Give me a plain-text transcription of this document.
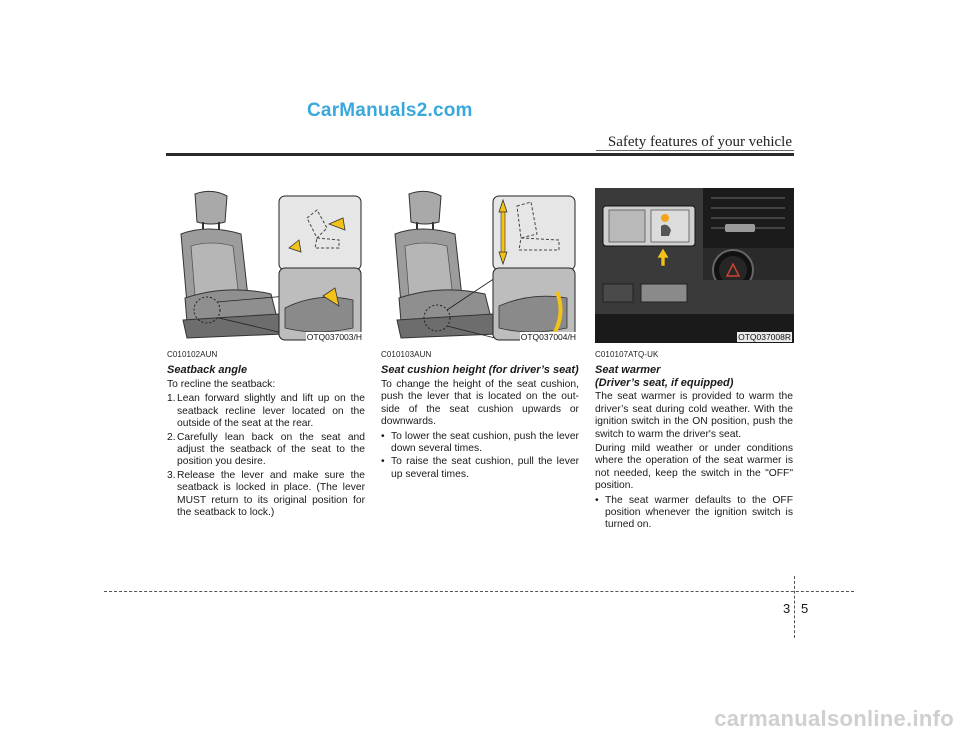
CarManuals2.com
Safety features of your vehicle
OTQ037003/H	OTQ037004/H	OTQ037008R
C010102AUN
Seatback angle
To recline the seatback:
1. Lean forward slightly and lift up on the seatback recline lever located on the outside of the seat at the rear.
2. Carefully lean back on the seat and adjust the seatback of the seat to the position you desire.
3. Release the lever and make sure the seatback is locked in place. (The lever MUST return to its original position for the seatback to lock.)
C010103AUN
Seat cushion height (for driver’s seat)
To change the height of the seat cushion, push the lever that is located on the out-side of the seat cushion upwards or downwards.
• To lower the seat cushion, push the lever down several times.
• To raise the seat cushion, pull the lever up several times.
C010107ATQ-UK
Seat warmer
(Driver’s seat, if equipped)
The seat warmer is provided to warm the driver’s seat during cold weather. With the ignition switch in the ON position, push the switch to warm the driver's seat.
During mild weather or under conditions where the operation of the seat warmer is not needed, keep the switch in the "OFF" position.
• The seat warmer defaults to the OFF position whenever the ignition switch is turned on.
3 5
carmanualsonline.info
